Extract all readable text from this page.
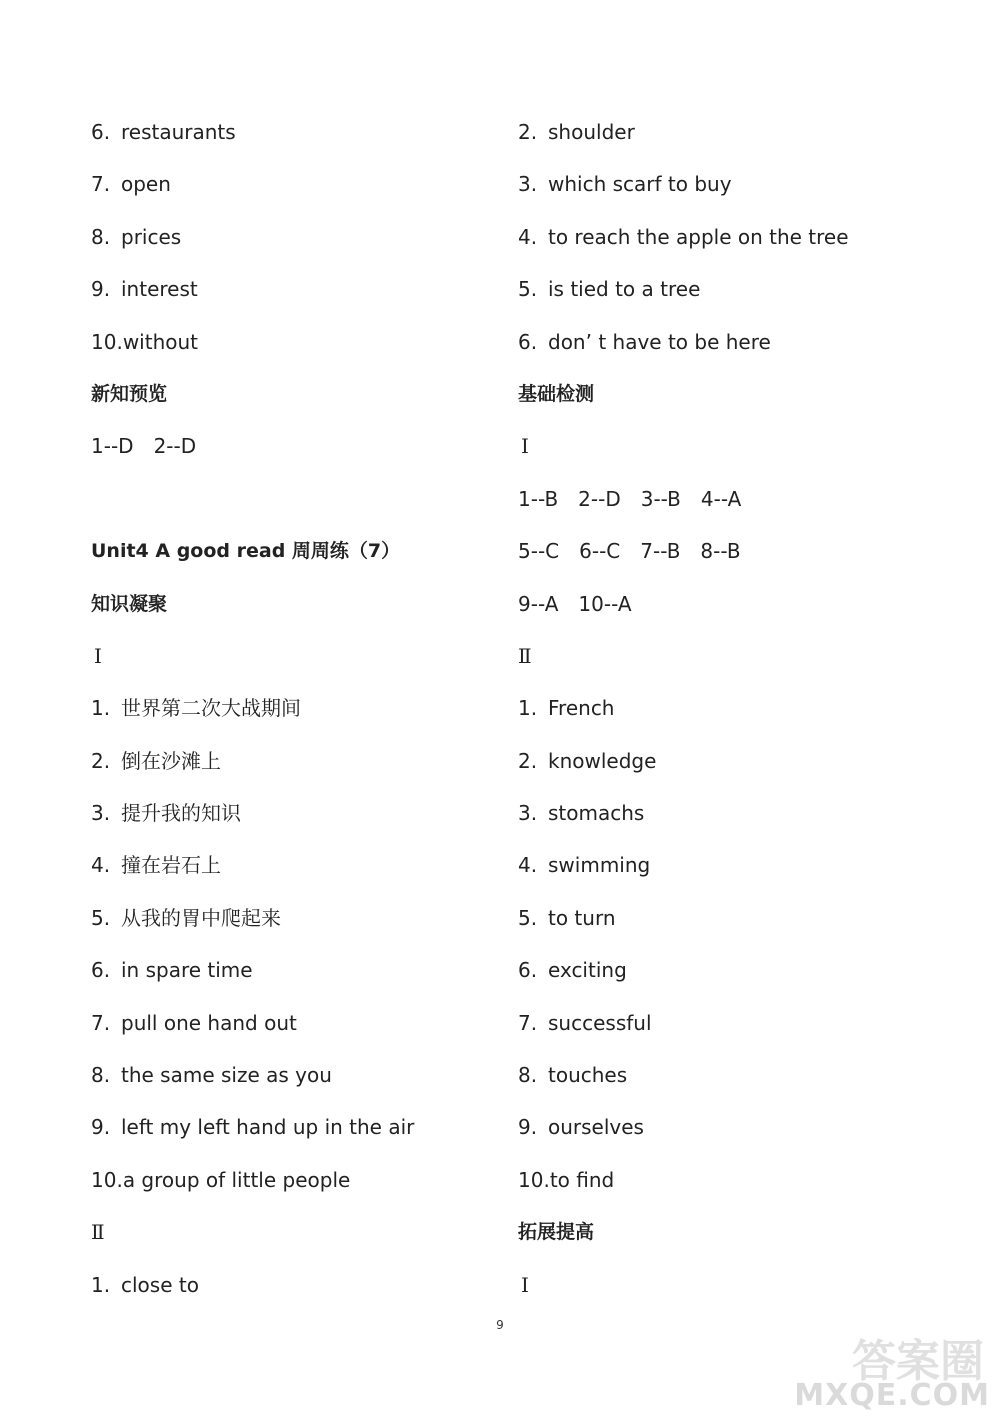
6. restaurants
7. open
8. prices
9. interest
10.without
新知预览
1--D 2--D
Unit4 A good read 周周练（7）
知识凝聚
Ⅰ
1. 世界第二次大战期间
2. 倒在沙滩上
3. 提升我的知识
4. 撞在岩石上
5. 从我的胃中爬起来
6. in spare time
7. pull one hand out
8. the same size as you
9. left my left hand up in the air
10.a group of little people
Ⅱ
1. close to
2. shoulder
3. which scarf to buy
4. to reach the apple on the tree
5. is tied to a tree
6. don’ t have to be here
基础检测
Ⅰ
1--B 2--D 3--B 4--A
5--C 6--C 7--B 8--B
9--A 10--A
Ⅱ
1. French
2. knowledge
3. stomachs
4. swimming
5. to turn
6. exciting
7. successful
8. touches
9. ourselves
10.to find
拓展提高
Ⅰ
9
答案圈
MXQE.COM
